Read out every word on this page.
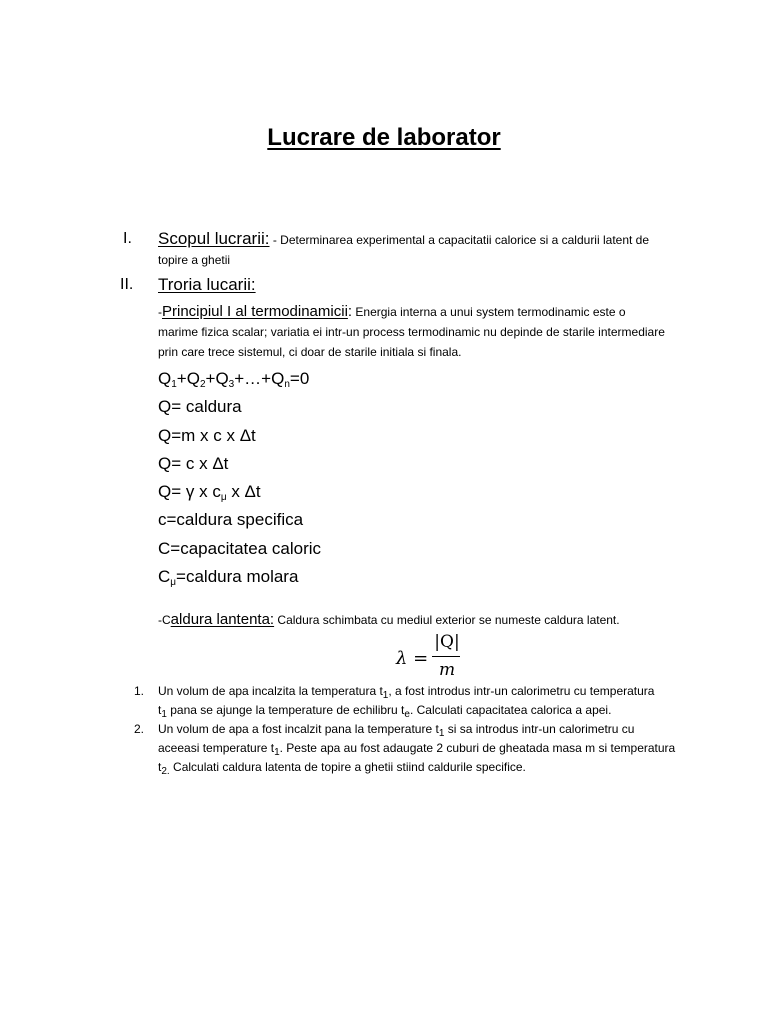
Lucrare de laborator
I. Scopul lucrarii: - Determinarea experimental a capacitatii calorice si a caldurii latent de
topire a ghetii
II. Troria lucarii:
-Principiul I al termodinamicii: Energia interna a unui system termodinamic este o
marime fizica scalar; variatia ei intr-un process termodinamic nu depinde de starile intermediare
prin care trece sistemul, ci doar de starile initiala si finala.
$Q_1+Q_2+Q_3+\dots+Q_n=0$
Q= caldura
Q=m x c x Δt
Q= c x Δt
Q= γ x $c_\mu$ x Δt
c=caldura specifica
C=capacitatea caloric
$C_\mu=caldura$ molara
-Caldura lantenta: Caldura schimbata cu mediul exterior se numeste caldura latent.
λ =
|Q|
m
1. Un volum de apa incalzita la temperatura $t_1$, a fost introdus intr-un calorimetru cu temperatura
$t_1$ pana se ajunge la temperature de echilibru $t_e$. Calculati capacitatea calorica a apei.
2. Un volum de apa a fost incalzit pana la temperature $t_1$ si sa introdus intr-un calorimetru cu
aceeasi temperature $t_1$. Peste apa au fost adaugate 2 cuburi de gheatada masa m si temperatura
$t_{2.}$ Calculati caldura latenta de topire a ghetii stiind caldurile specifice.
